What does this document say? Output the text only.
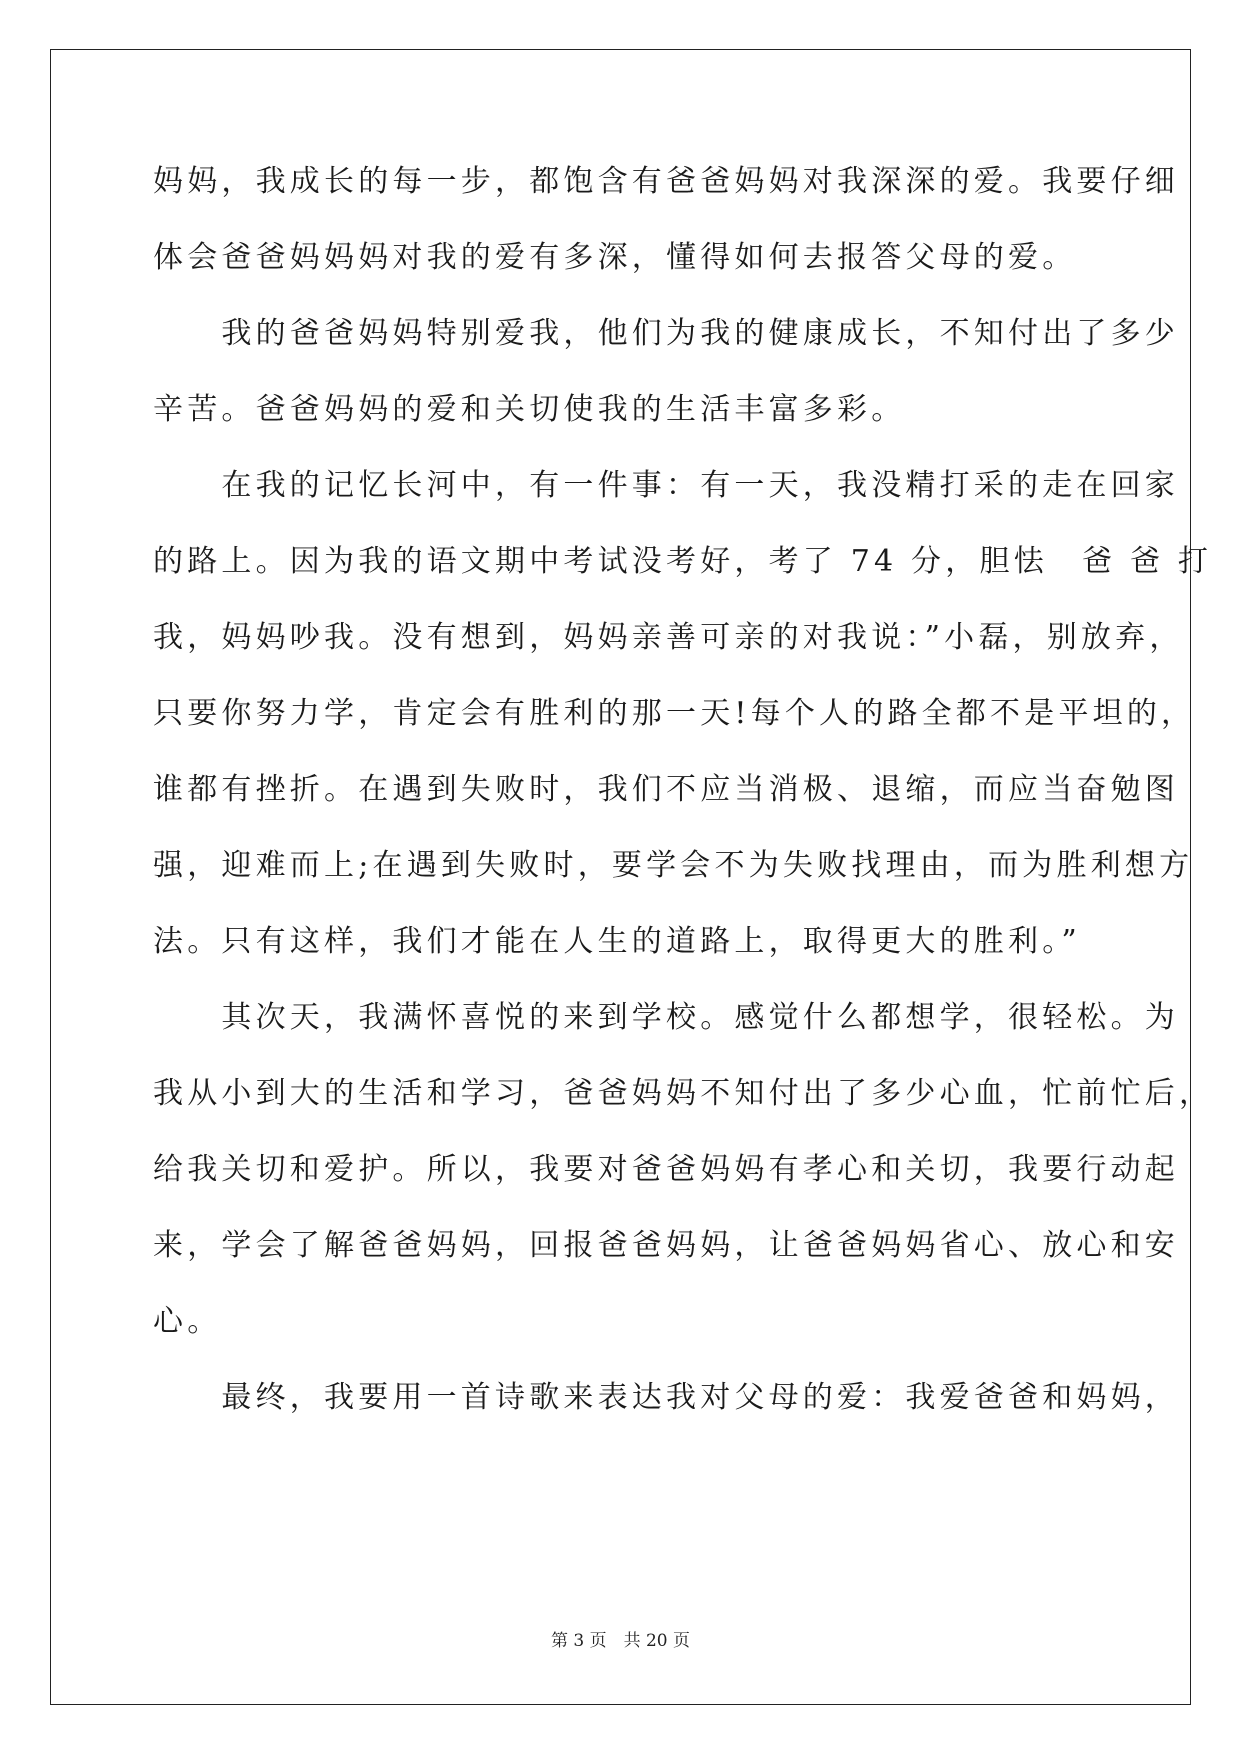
妈妈，我成长的每一步，都饱含有爸爸妈妈对我深深的爱。我要仔细
体会爸爸妈妈妈对我的爱有多深，懂得如何去报答父母的爱。
　　我的爸爸妈妈特别爱我，他们为我的健康成长，不知付出了多少
辛苦。爸爸妈妈的爱和关切使我的生活丰富多彩。
　　在我的记忆长河中，有一件事：有一天，我没精打采的走在回家
的路上。因为我的语文期中考试没考好，考了 74 分，胆怯　爸 爸 打
我，妈妈吵我。没有想到，妈妈亲善可亲的对我说：”小磊，别放弃，
只要你努力学，肯定会有胜利的那一天!每个人的路全都不是平坦的，
谁都有挫折。在遇到失败时，我们不应当消极、退缩，而应当奋勉图
强，迎难而上;在遇到失败时，要学会不为失败找理由，而为胜利想方
法。只有这样，我们才能在人生的道路上，取得更大的胜利。”
　　其次天，我满怀喜悦的来到学校。感觉什么都想学，很轻松。为
我从小到大的生活和学习，爸爸妈妈不知付出了多少心血，忙前忙后，
给我关切和爱护。所以，我要对爸爸妈妈有孝心和关切，我要行动起
来，学会了解爸爸妈妈，回报爸爸妈妈，让爸爸妈妈省心、放心和安
心。
　　最终，我要用一首诗歌来表达我对父母的爱：我爱爸爸和妈妈，
第 3 页　共 20 页
